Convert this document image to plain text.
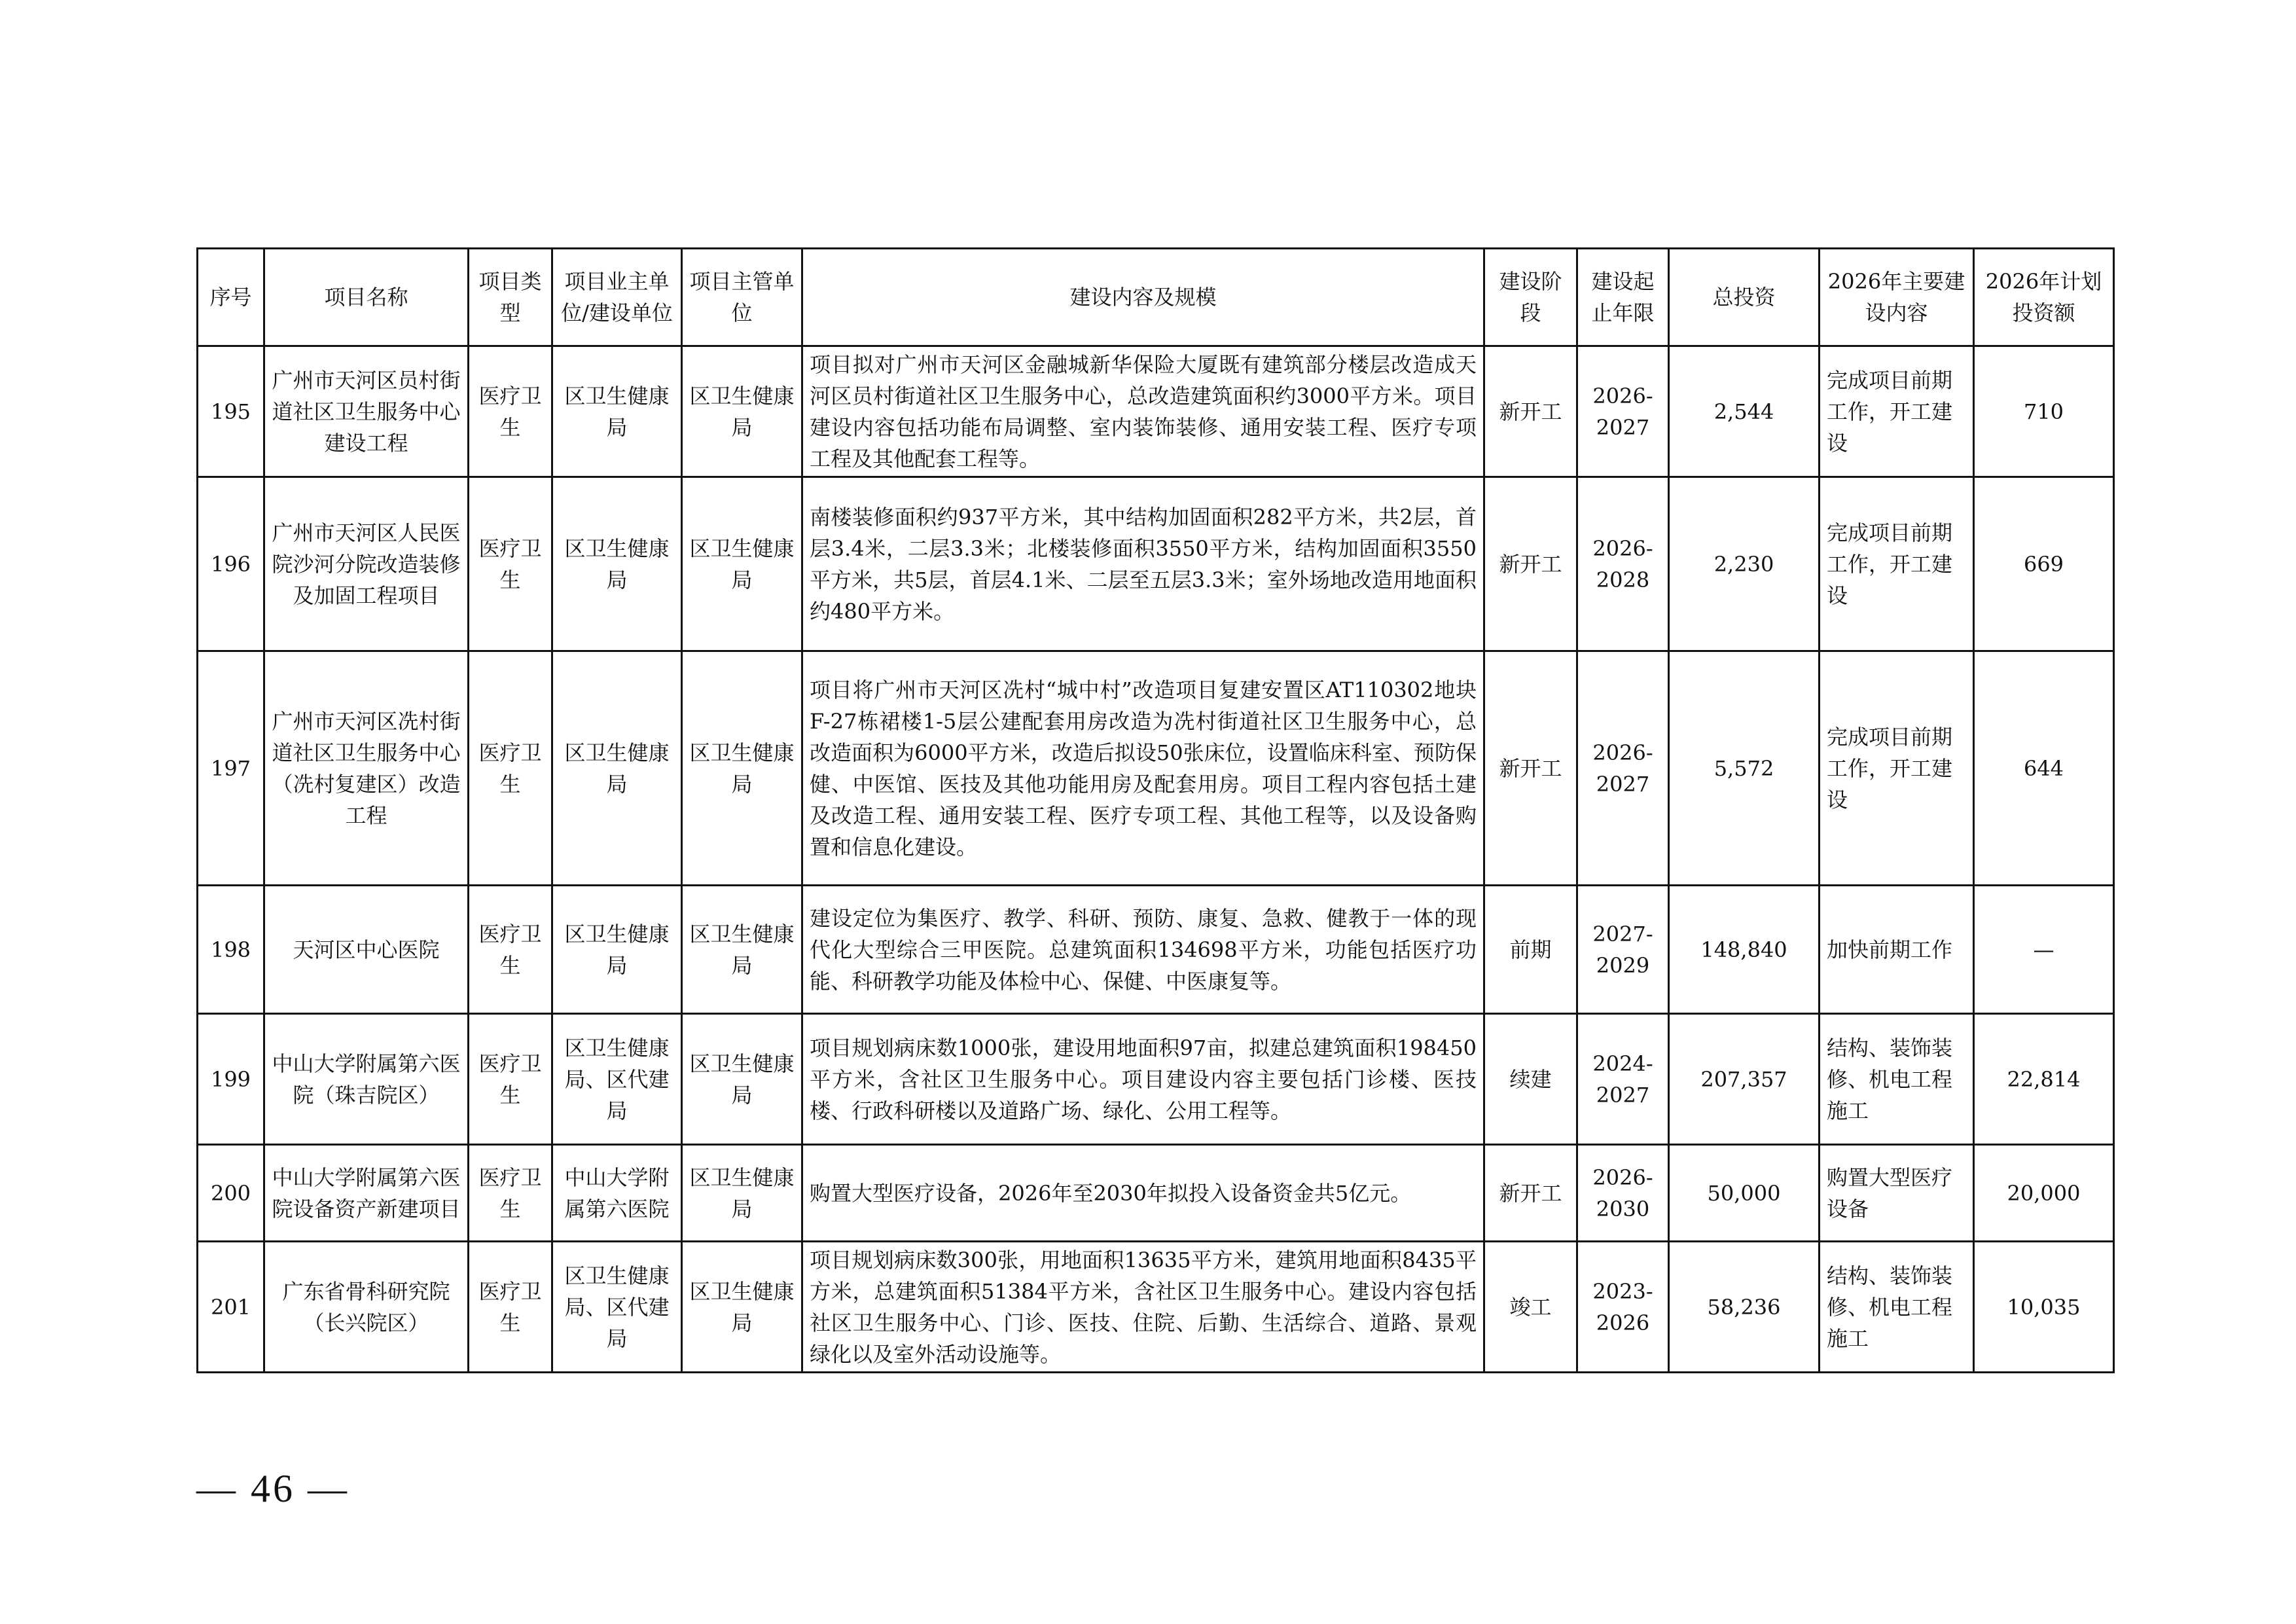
序号	项目名称	项目类型	项目业主单位/建设单位	项目主管单位	建设内容及规模	建设阶段	建设起止年限	总投资	2026年主要建设内容	2026年计划投资额
195	广州市天河区员村街道社区卫生服务中心建设工程	医疗卫生	区卫生健康局	区卫生健康局	项目拟对广州市天河区金融城新华保险大厦既有建筑部分楼层改造成天河区员村街道社区卫生服务中心，总改造建筑面积约3000平方米。项目建设内容包括功能布局调整、室内装饰装修、通用安装工程、医疗专项工程及其他配套工程等。	新开工	2026-2027	2,544	完成项目前期工作，开工建设	710
196	广州市天河区人民医院沙河分院改造装修及加固工程项目	医疗卫生	区卫生健康局	区卫生健康局	南楼装修面积约937平方米，其中结构加固面积282平方米，共2层，首层3.4米，二层3.3米；北楼装修面积3550平方米，结构加固面积3550平方米，共5层，首层4.1米、二层至五层3.3米；室外场地改造用地面积约480平方米。	新开工	2026-2028	2,230	完成项目前期工作，开工建设	669
197	广州市天河区冼村街道社区卫生服务中心（冼村复建区）改造工程	医疗卫生	区卫生健康局	区卫生健康局	项目将广州市天河区冼村“城中村”改造项目复建安置区AT110302地块F-27栋裙楼1-5层公建配套用房改造为冼村街道社区卫生服务中心，总改造面积为6000平方米，改造后拟设50张床位，设置临床科室、预防保健、中医馆、医技及其他功能用房及配套用房。项目工程内容包括土建及改造工程、通用安装工程、医疗专项工程、其他工程等，以及设备购置和信息化建设。	新开工	2026-2027	5,572	完成项目前期工作，开工建设	644
198	天河区中心医院	医疗卫生	区卫生健康局	区卫生健康局	建设定位为集医疗、教学、科研、预防、康复、急救、健教于一体的现代化大型综合三甲医院。总建筑面积134698平方米，功能包括医疗功能、科研教学功能及体检中心、保健、中医康复等。	前期	2027-2029	148,840	加快前期工作	—
199	中山大学附属第六医院（珠吉院区）	医疗卫生	区卫生健康局、区代建局	区卫生健康局	项目规划病床数1000张，建设用地面积97亩，拟建总建筑面积198450平方米，含社区卫生服务中心。项目建设内容主要包括门诊楼、医技楼、行政科研楼以及道路广场、绿化、公用工程等。	续建	2024-2027	207,357	结构、装饰装修、机电工程施工	22,814
200	中山大学附属第六医院设备资产新建项目	医疗卫生	中山大学附属第六医院	区卫生健康局	购置大型医疗设备，2026年至2030年拟投入设备资金共5亿元。	新开工	2026-2030	50,000	购置大型医疗设备	20,000
201	广东省骨科研究院（长兴院区）	医疗卫生	区卫生健康局、区代建局	区卫生健康局	项目规划病床数300张，用地面积13635平方米，建筑用地面积8435平方米，总建筑面积51384平方米，含社区卫生服务中心。建设内容包括社区卫生服务中心、门诊、医技、住院、后勤、生活综合、道路、景观绿化以及室外活动设施等。	竣工	2023-2026	58,236	结构、装饰装修、机电工程施工	10,035
— 46 —
